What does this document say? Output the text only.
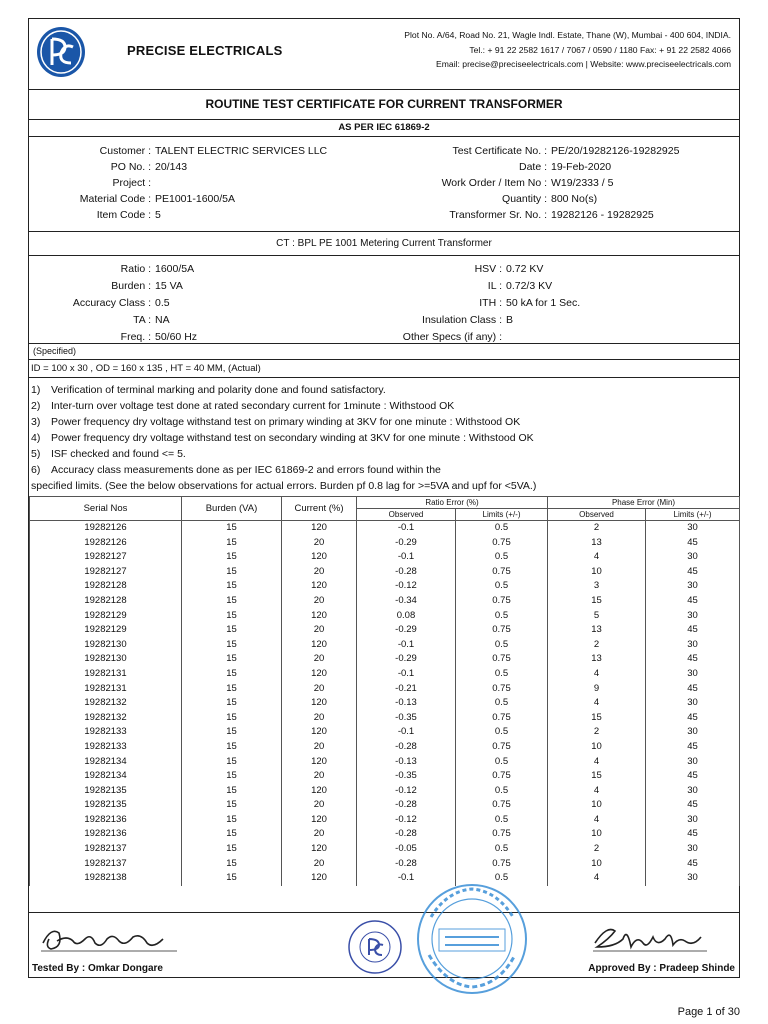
PRECISE ELECTRICALS
Plot No. A/64, Road No. 21, Wagle Indl. Estate, Thane (W), Mumbai - 400 604, INDIA.
Tel.: + 91 22 2582 1617 / 7067 / 0590 / 1180 Fax: + 91 22 2582 4066
Email: precise@preciseelectricals.com | Website: www.preciseelectricals.com
ROUTINE TEST CERTIFICATE FOR CURRENT TRANSFORMER
AS PER IEC 61869-2
Customer : TALENT ELECTRIC SERVICES LLC
PO No. : 20/143
Project :
Material Code : PE1001-1600/5A
Item Code : 5
Test Certificate No. : PE/20/19282126-19282925
Date : 19-Feb-2020
Work Order / Item No : W19/2333 / 5
Quantity : 800 No(s)
Transformer Sr. No. : 19282126 - 19282925
CT : BPL PE 1001 Metering Current Transformer
Ratio : 1600/5A
Burden : 15 VA
Accuracy Class : 0.5
TA : NA
Freq. : 50/60 Hz
HSV : 0.72 KV
IL : 0.72/3 KV
ITH : 50 kA for 1 Sec.
Insulation Class : B
Other Specs (if any) :
(Specified)
ID = 100 x 30 , OD = 160 x 135 , HT = 40 MM, (Actual)
1) Verification of terminal marking and polarity done and found satisfactory.
2) Inter-turn over voltage test done at rated secondary current for 1minute : Withstood OK
3) Power frequency dry voltage withstand test on primary winding at 3KV for one minute : Withstood OK
4) Power frequency dry voltage withstand test on secondary winding at 3KV for one minute : Withstood OK
5) ISF checked and found <= 5.
6) Accuracy class measurements done as per IEC 61869-2 and errors found within the
specified limits. (See the below observations for actual errors. Burden pf 0.8 lag for >=5VA and upf for <5VA.)
Serial Nos	Burden (VA)	Current (%)	Ratio Error (%)		Phase Error (Min)	
			Observed	Limits (+/-)	Observed	Limits (+/-)
19282126	15	120	-0.1	0.5	2	30
19282126	15	20	-0.29	0.75	13	45
19282127	15	120	-0.1	0.5	4	30
19282127	15	20	-0.28	0.75	10	45
19282128	15	120	-0.12	0.5	3	30
19282128	15	20	-0.34	0.75	15	45
19282129	15	120	0.08	0.5	5	30
19282129	15	20	-0.29	0.75	13	45
19282130	15	120	-0.1	0.5	2	30
19282130	15	20	-0.29	0.75	13	45
19282131	15	120	-0.1	0.5	4	30
19282131	15	20	-0.21	0.75	9	45
19282132	15	120	-0.13	0.5	4	30
19282132	15	20	-0.35	0.75	15	45
19282133	15	120	-0.1	0.5	2	30
19282133	15	20	-0.28	0.75	10	45
19282134	15	120	-0.13	0.5	4	30
19282134	15	20	-0.35	0.75	15	45
19282135	15	120	-0.12	0.5	4	30
19282135	15	20	-0.28	0.75	10	45
19282136	15	120	-0.12	0.5	4	30
19282136	15	20	-0.28	0.75	10	45
19282137	15	120	-0.05	0.5	2	30
19282137	15	20	-0.28	0.75	10	45
19282138	15	120	-0.1	0.5	4	30
Tested By : Omkar Dongare	Approved By : Pradeep Shinde
Page 1 of 30
